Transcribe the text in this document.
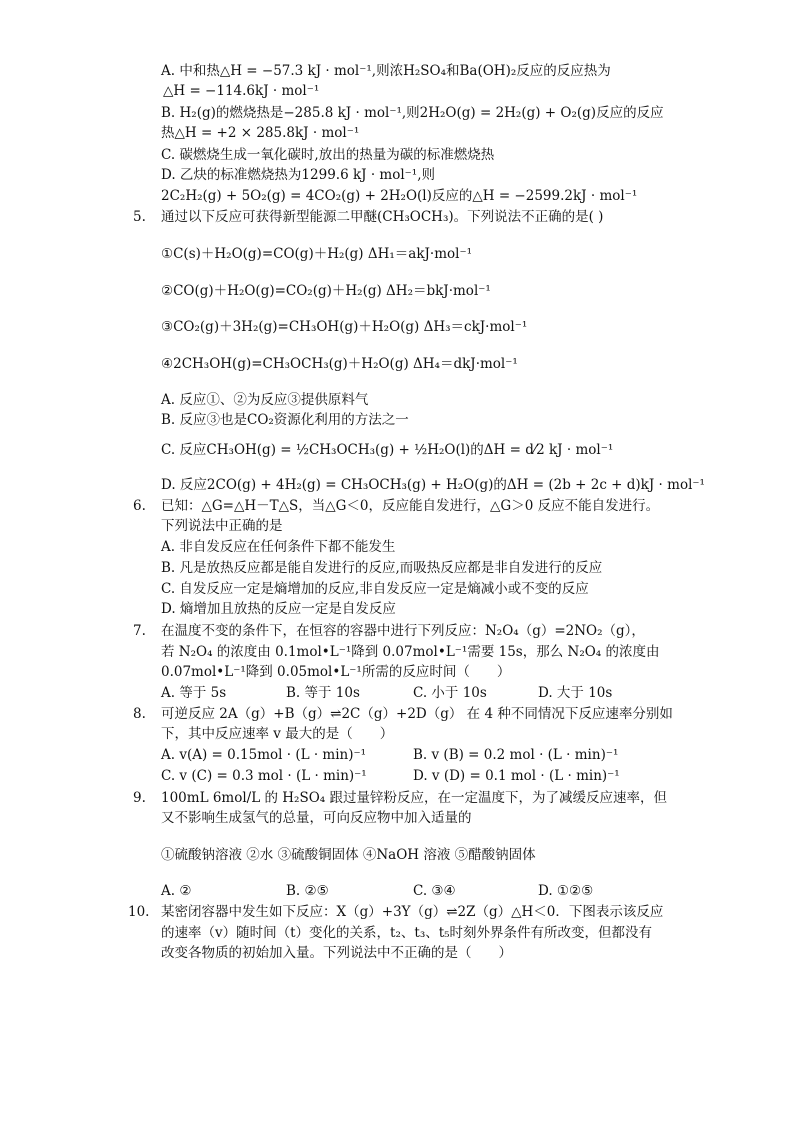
A. 中和热△H = −57.3 kJ · mol⁻¹,则浓H₂SO₄和Ba(OH)₂反应的反应热为
△H = −114.6kJ · mol⁻¹
B. H₂(g)的燃烧热是−285.8 kJ · mol⁻¹,则2H₂O(g) = 2H₂(g) + O₂(g)反应的反应
热△H = +2 × 285.8kJ · mol⁻¹
C. 碳燃烧生成一氧化碳时,放出的热量为碳的标准燃烧热
D. 乙炔的标准燃烧热为1299.6 kJ · mol⁻¹,则
2C₂H₂(g) + 5O₂(g) = 4CO₂(g) + 2H₂O(l)反应的△H = −2599.2kJ · mol⁻¹
5. 通过以下反应可获得新型能源二甲醚(CH₃OCH₃)。下列说法不正确的是( )
①C(s)＋H₂O(g)=CO(g)＋H₂(g) ΔH₁＝akJ·mol⁻¹
②CO(g)＋H₂O(g)=CO₂(g)＋H₂(g) ΔH₂＝bkJ·mol⁻¹
③CO₂(g)＋3H₂(g)=CH₃OH(g)＋H₂O(g) ΔH₃＝ckJ·mol⁻¹
④2CH₃OH(g)=CH₃OCH₃(g)＋H₂O(g) ΔH₄＝dkJ·mol⁻¹
A. 反应①、②为反应③提供原料气
B. 反应③也是CO₂资源化利用的方法之一
C. 反应CH₃OH(g) = ½CH₃OCH₃(g) + ½H₂O(l)的ΔH = d⁄2 kJ · mol⁻¹
D. 反应2CO(g) + 4H₂(g) = CH₃OCH₃(g) + H₂O(g)的ΔH = (2b + 2c + d)kJ · mol⁻¹
6. 已知：△G=△H－T△S，当△G＜0，反应能自发进行，△G＞0 反应不能自发进行。
下列说法中正确的是
A. 非自发反应在任何条件下都不能发生
B. 凡是放热反应都是能自发进行的反应,而吸热反应都是非自发进行的反应
C. 自发反应一定是熵增加的反应,非自发反应一定是熵减小或不变的反应
D. 熵增加且放热的反应一定是自发反应
7. 在温度不变的条件下，在恒容的容器中进行下列反应：N₂O₄（g）=2NO₂（g），
若 N₂O₄ 的浓度由 0.1mol•L⁻¹降到 0.07mol•L⁻¹需要 15s，那么 N₂O₄ 的浓度由
0.07mol•L⁻¹降到 0.05mol•L⁻¹所需的反应时间（　　）
A. 等于 5s	B. 等于 10s	C. 小于 10s	D. 大于 10s
8. 可逆反应 2A（g）+B（g）⇌2C（g）+2D（g） 在 4 种不同情况下反应速率分别如
下，其中反应速率 v 最大的是（　　）
A. v(A) = 0.15mol · (L · min)⁻¹	B. v (B) = 0.2 mol · (L · min)⁻¹
C. v (C) = 0.3 mol · (L · min)⁻¹	D. v (D) = 0.1 mol · (L · min)⁻¹
9. 100mL 6mol/L 的 H₂SO₄ 跟过量锌粉反应，在一定温度下，为了减缓反应速率，但
又不影响生成氢气的总量，可向反应物中加入适量的
①硫酸钠溶液 ②水 ③硫酸铜固体 ④NaOH 溶液 ⑤醋酸钠固体
A. ②	B. ②⑤	C. ③④	D. ①②⑤
10. 某密闭容器中发生如下反应：X（g）+3Y（g）⇌2Z（g）△H＜0．下图表示该反应
的速率（v）随时间（t）变化的关系，t₂、t₃、t₅时刻外界条件有所改变，但都没有
改变各物质的初始加入量。下列说法中不正确的是（　　）
